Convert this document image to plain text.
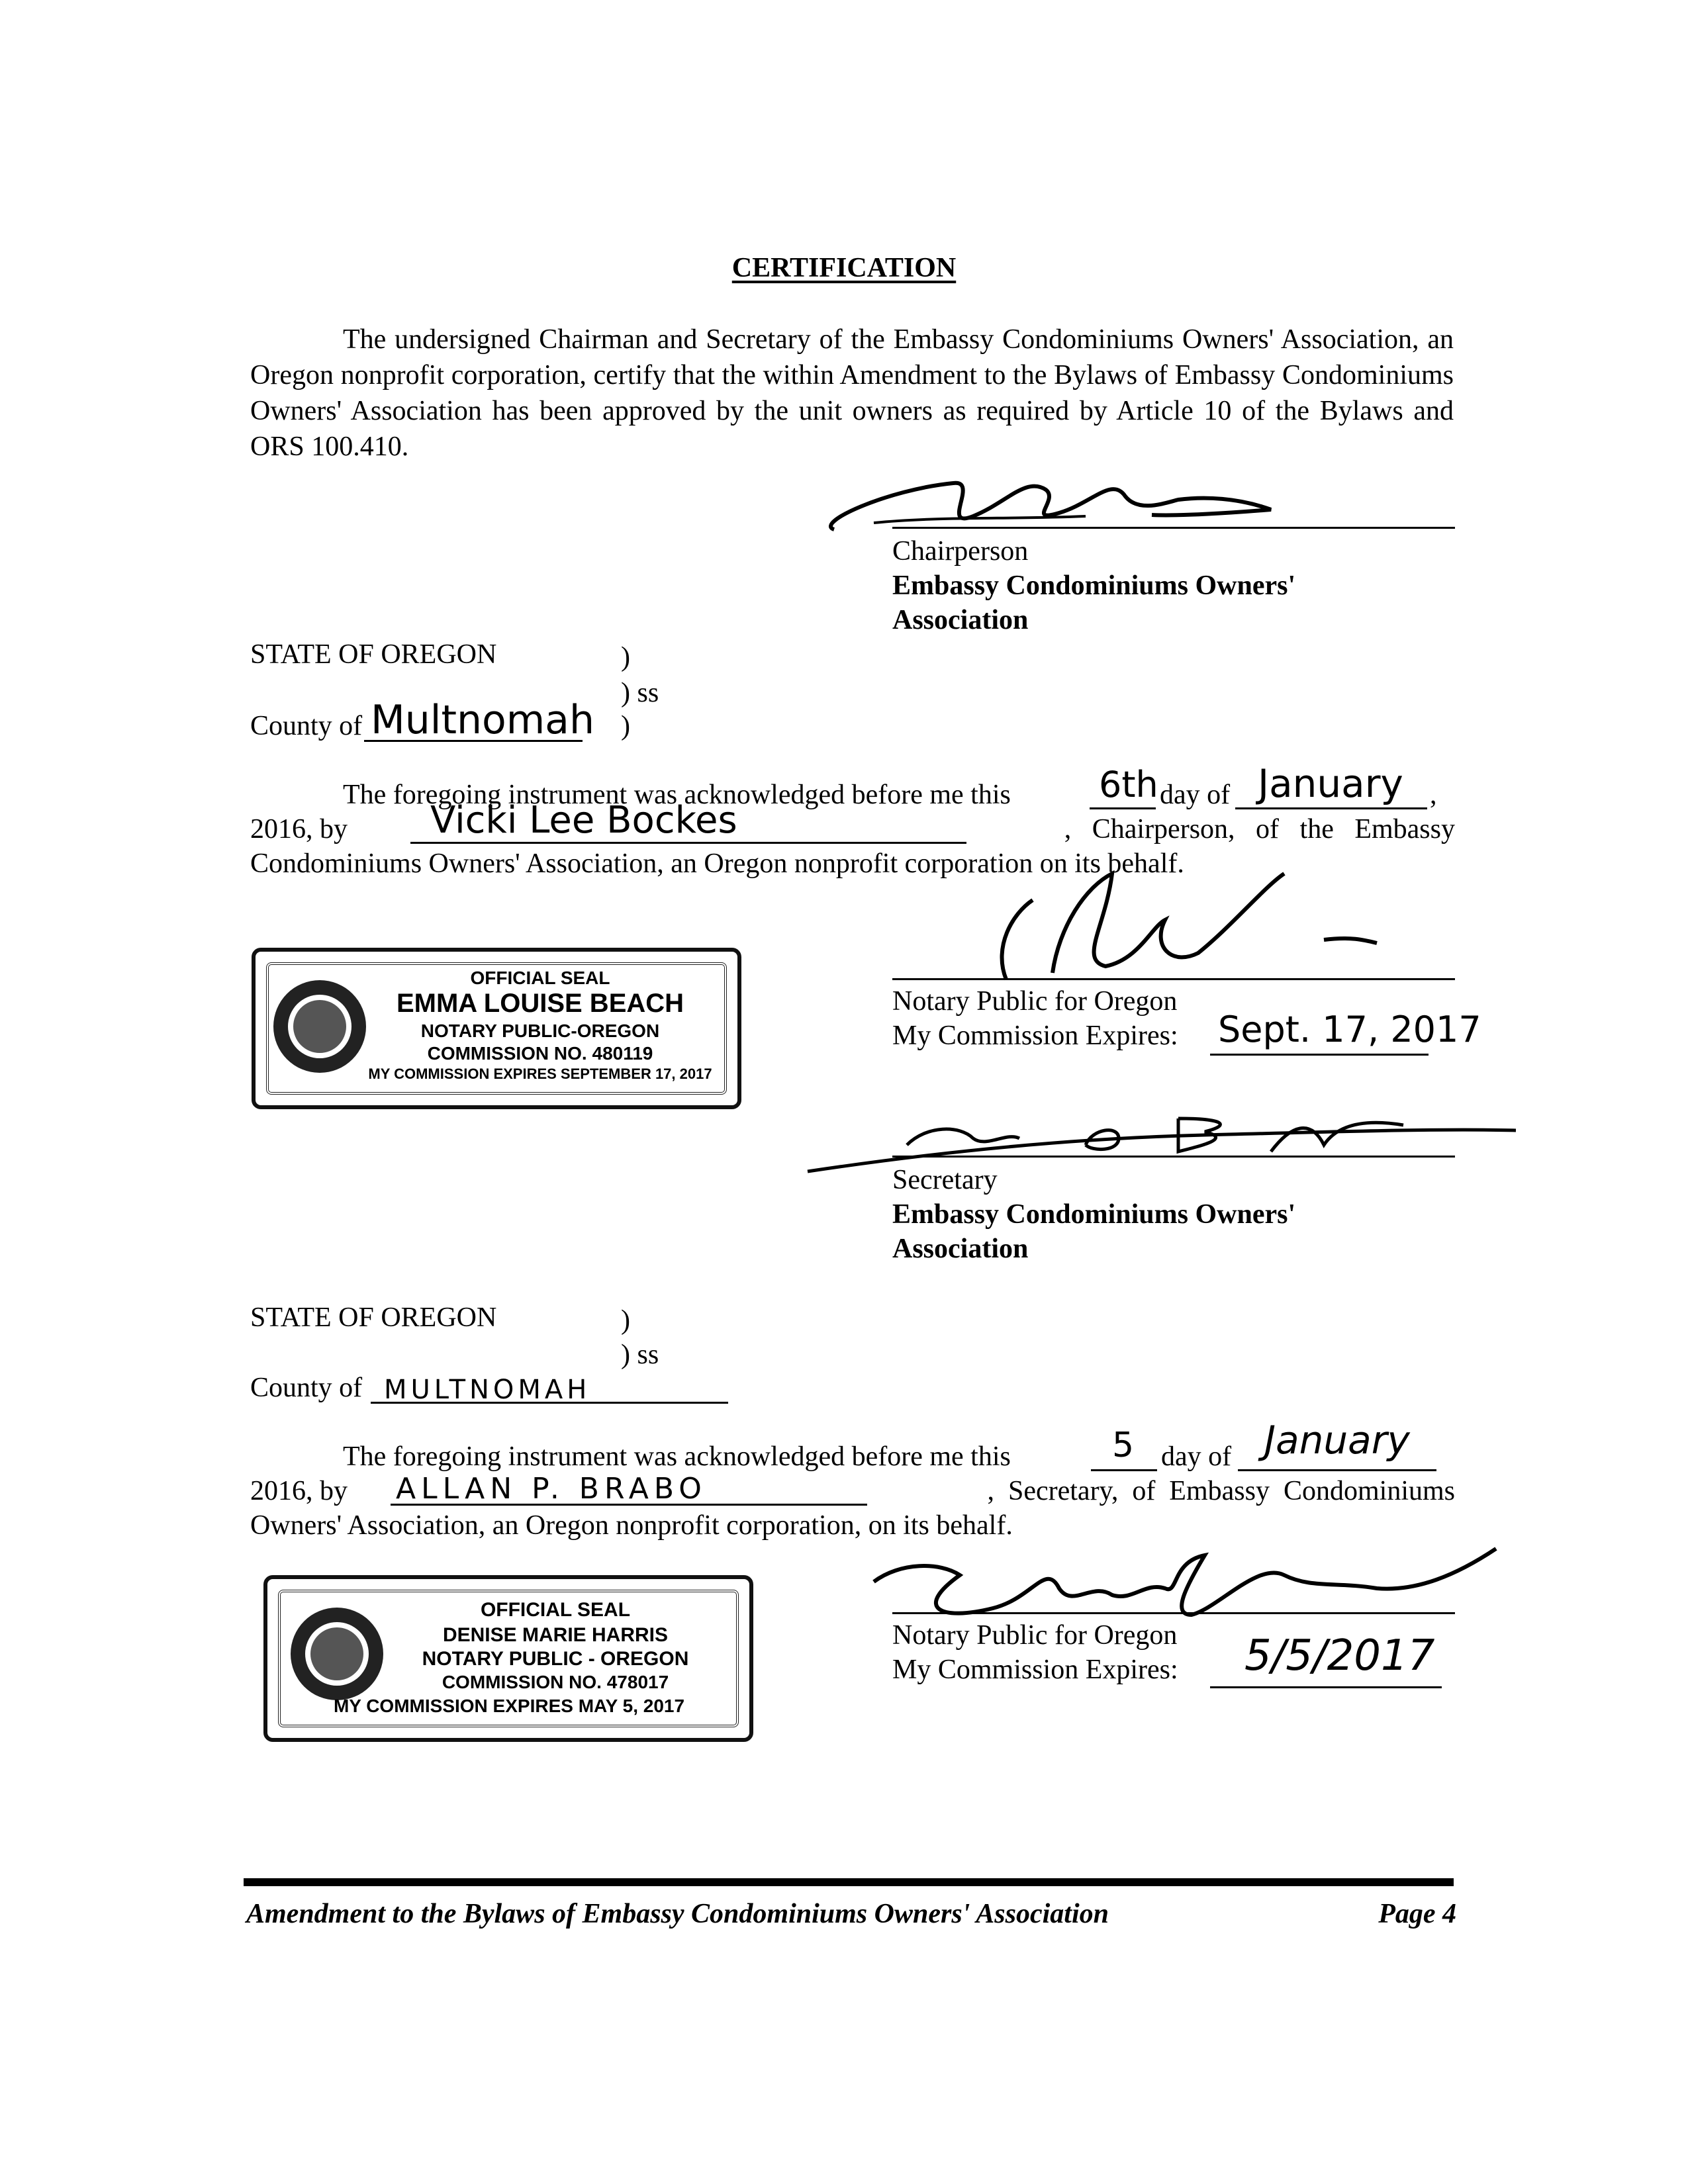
CERTIFICATION
The undersigned Chairman and Secretary of the Embassy Condominiums Owners' Association, an Oregon nonprofit corporation, certify that the within Amendment to the Bylaws of Embassy Condominiums Owners' Association has been approved by the unit owners as required by Article 10 of the Bylaws and ORS 100.410.
Chairperson
Embassy Condominiums Owners'
Association
STATE OF OREGON	)
) ss
County of Multnomah )
The foregoing instrument was acknowledged before me this 6th day of January ,
2016, by Vicki Lee Bockes	,   Chairperson,   of   the   Embassy
Condominiums Owners' Association, an Oregon nonprofit corporation on its behalf.
OFFICIAL SEAL
EMMA LOUISE BEACH
NOTARY PUBLIC-OREGON
COMMISSION NO. 480119
MY COMMISSION EXPIRES SEPTEMBER 17, 2017
Notary Public for Oregon
My Commission Expires: Sept. 17, 2017
Secretary
Embassy Condominiums Owners'
Association
STATE OF OREGON	)
) ss
County of MULTNOMAH
The foregoing instrument was acknowledged before me this	5 day of January
2016, by ALLAN P. BRABO	,  Secretary,  of  Embassy  Condominiums
Owners' Association, an Oregon nonprofit corporation, on its behalf.
OFFICIAL SEAL
DENISE MARIE HARRIS
NOTARY PUBLIC - OREGON
COMMISSION NO. 478017
MY COMMISSION EXPIRES MAY 5, 2017
Notary Public for Oregon
My Commission Expires: 5/5/2017
Amendment to the Bylaws of Embassy Condominiums Owners' Association	Page 4
